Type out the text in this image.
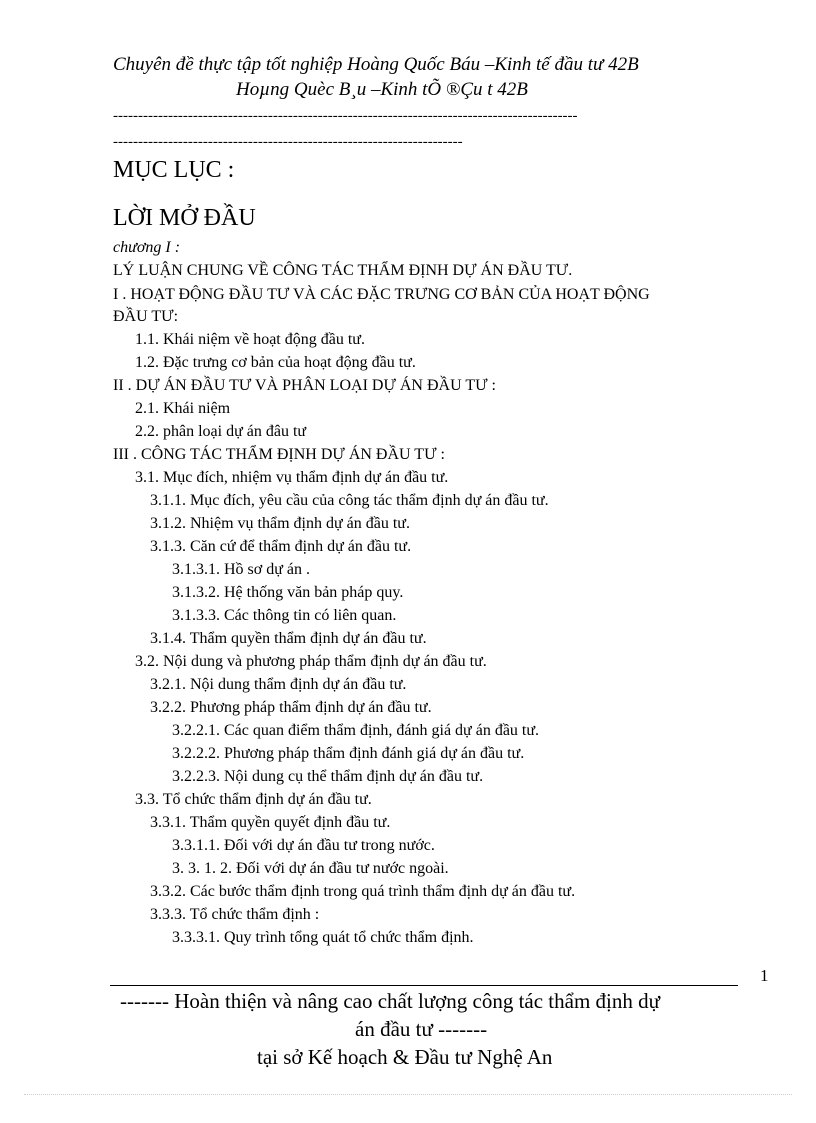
Chuyên đề thực tập tốt nghiệp Hoàng Quốc Báu –Kinh tế đầu tư 42B
Hoµng Quèc B¸u –Kinh tÕ ®Çu t 42B
---------------------------------------------------------------------------------------------
----------------------------------------------------------------------
MỤC LỤC :
LỜI MỞ ĐẦU
chương I :
LÝ LUẬN CHUNG VỀ CÔNG TÁC THẨM ĐỊNH DỰ ÁN ĐẦU TƯ.
I . HOẠT ĐỘNG ĐẦU TƯ VÀ CÁC ĐẶC TRƯNG CƠ BẢN CỦA HOẠT ĐỘNG
ĐẦU TƯ:
1.1. Khái niệm về hoạt động đầu tư.
1.2. Đặc trưng cơ bản của hoạt động đầu tư.
II . DỰ ÁN ĐẦU TƯ VÀ PHÂN LOẠI DỰ ÁN ĐẦU TƯ :
2.1. Khái niệm
2.2. phân loại dự án đâu tư
III . CÔNG TÁC THẨM ĐỊNH DỰ ÁN ĐẦU TƯ :
3.1. Mục đích, nhiệm vụ thẩm định dự án đầu tư.
3.1.1. Mục đích, yêu cầu của công tác thẩm định dự án đầu tư.
3.1.2. Nhiệm vụ thẩm định dự án đầu tư.
3.1.3. Căn cứ để thẩm định dự án đầu tư.
3.1.3.1. Hồ sơ dự án .
3.1.3.2. Hệ thống văn bản pháp quy.
3.1.3.3. Các thông tin có liên quan.
3.1.4. Thẩm quyền thẩm định dự án đầu tư.
3.2. Nội dung và phương pháp thẩm định dự án đầu tư.
3.2.1. Nội dung thẩm định dự án đầu tư.
3.2.2. Phương pháp thẩm định dự án đầu tư.
3.2.2.1. Các quan điểm thẩm định, đánh giá dự án đầu tư.
3.2.2.2. Phương pháp thẩm định đánh giá dự án đầu tư.
3.2.2.3. Nội dung cụ thể thẩm định dự án đầu tư.
3.3. Tổ chức thẩm định dự án đầu tư.
3.3.1. Thẩm quyền quyết định đầu tư.
3.3.1.1. Đối với dự án đầu tư trong nước.
3. 3. 1. 2. Đối với dự án đầu tư nước ngoài.
3.3.2. Các bước thẩm định trong quá trình thẩm định dự án đầu tư.
3.3.3. Tổ chức thẩm định :
3.3.3.1. Quy trình tổng quát tổ chức thẩm định.
1
------- Hoàn thiện và nâng cao chất lượng công tác thẩm định dự
án đầu tư -------
tại sở Kế hoạch & Đầu tư Nghệ An
